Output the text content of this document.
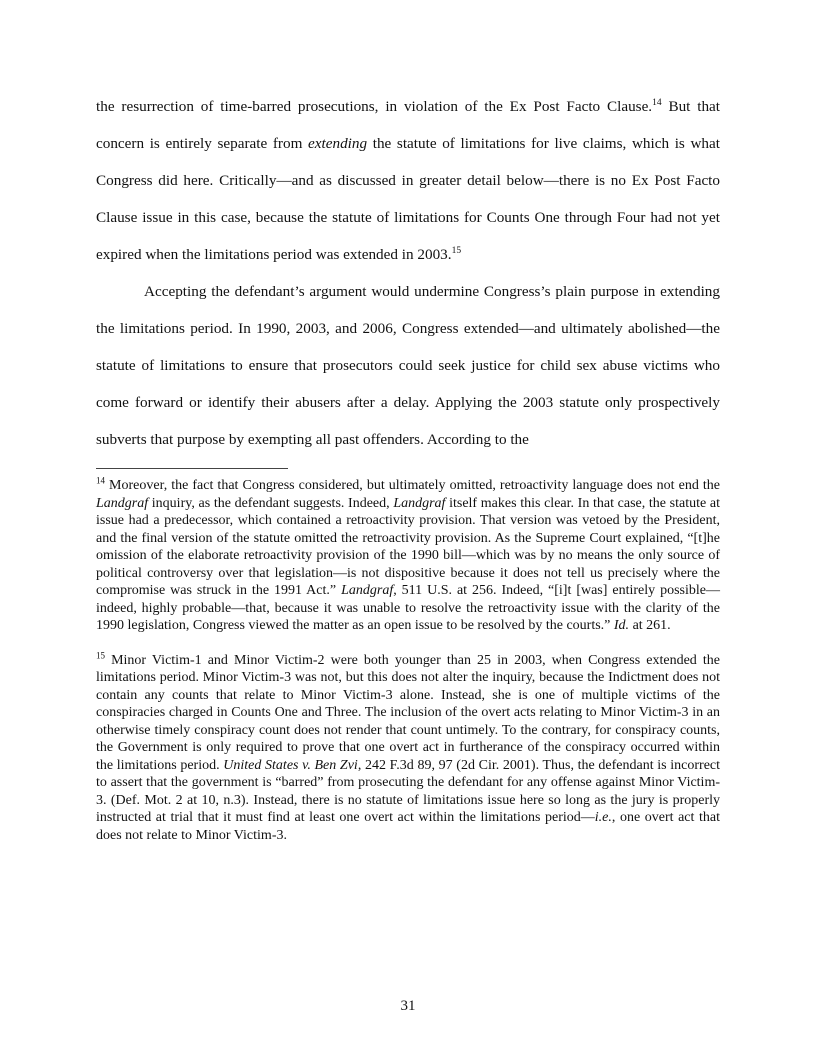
the resurrection of time-barred prosecutions, in violation of the Ex Post Facto Clause.$^{14}$ But that concern is entirely separate from extending the statute of limitations for live claims, which is what Congress did here. Critically—and as discussed in greater detail below—there is no Ex Post Facto Clause issue in this case, because the statute of limitations for Counts One through Four had not yet expired when the limitations period was extended in 2003.15

Accepting the defendant’s argument would undermine Congress’s plain purpose in extending the limitations period. In 1990, 2003, and 2006, Congress extended—and ultimately abolished—the statute of limitations to ensure that prosecutors could seek justice for child sex abuse victims who come forward or identify their abusers after a delay. Applying the 2003 statute only prospectively subverts that purpose by exempting all past offenders. According to the

$^{14}$ Moreover, the fact that Congress considered, but ultimately omitted, retroactivity language does not end the Landgraf inquiry, as the defendant suggests. Indeed, Landgraf itself makes this clear. In that case, the statute at issue had a predecessor, which contained a retroactivity provision. That version was vetoed by the President, and the final version of the statute omitted the retroactivity provision. As the Supreme Court explained, “[t]he omission of the elaborate retroactivity provision of the 1990 bill—which was by no means the only source of political controversy over that legislation—is not dispositive because it does not tell us precisely where the compromise was struck in the 1991 Act.” Landgraf, 511 U.S. at 256. Indeed, “[i]t [was] entirely possible—indeed, highly probable—that, because it was unable to resolve the retroactivity issue with the clarity of the 1990 legislation, Congress viewed the matter as an open issue to be resolved by the courts.” Id. at 261.

$^{15}$ Minor Victim-1 and Minor Victim-2 were both younger than 25 in 2003, when Congress extended the limitations period. Minor Victim-3 was not, but this does not alter the inquiry, because the Indictment does not contain any counts that relate to Minor Victim-3 alone. Instead, she is one of multiple victims of the conspiracies charged in Counts One and Three. The inclusion of the overt acts relating to Minor Victim-3 in an otherwise timely conspiracy count does not render that count untimely. To the contrary, for conspiracy counts, the Government is only required to prove that one overt act in furtherance of the conspiracy occurred within the limitations period. United States v. Ben Zvi, 242 F.3d 89, 97 (2d Cir. 2001). Thus, the defendant is incorrect to assert that the government is “barred” from prosecuting the defendant for any offense against Minor Victim-3. (Def. Mot. 2 at 10, n.3). Instead, there is no statute of limitations issue here so long as the jury is properly instructed at trial that it must find at least one overt act within the limitations period—i.e., one overt act that does not relate to Minor Victim-3.

31
